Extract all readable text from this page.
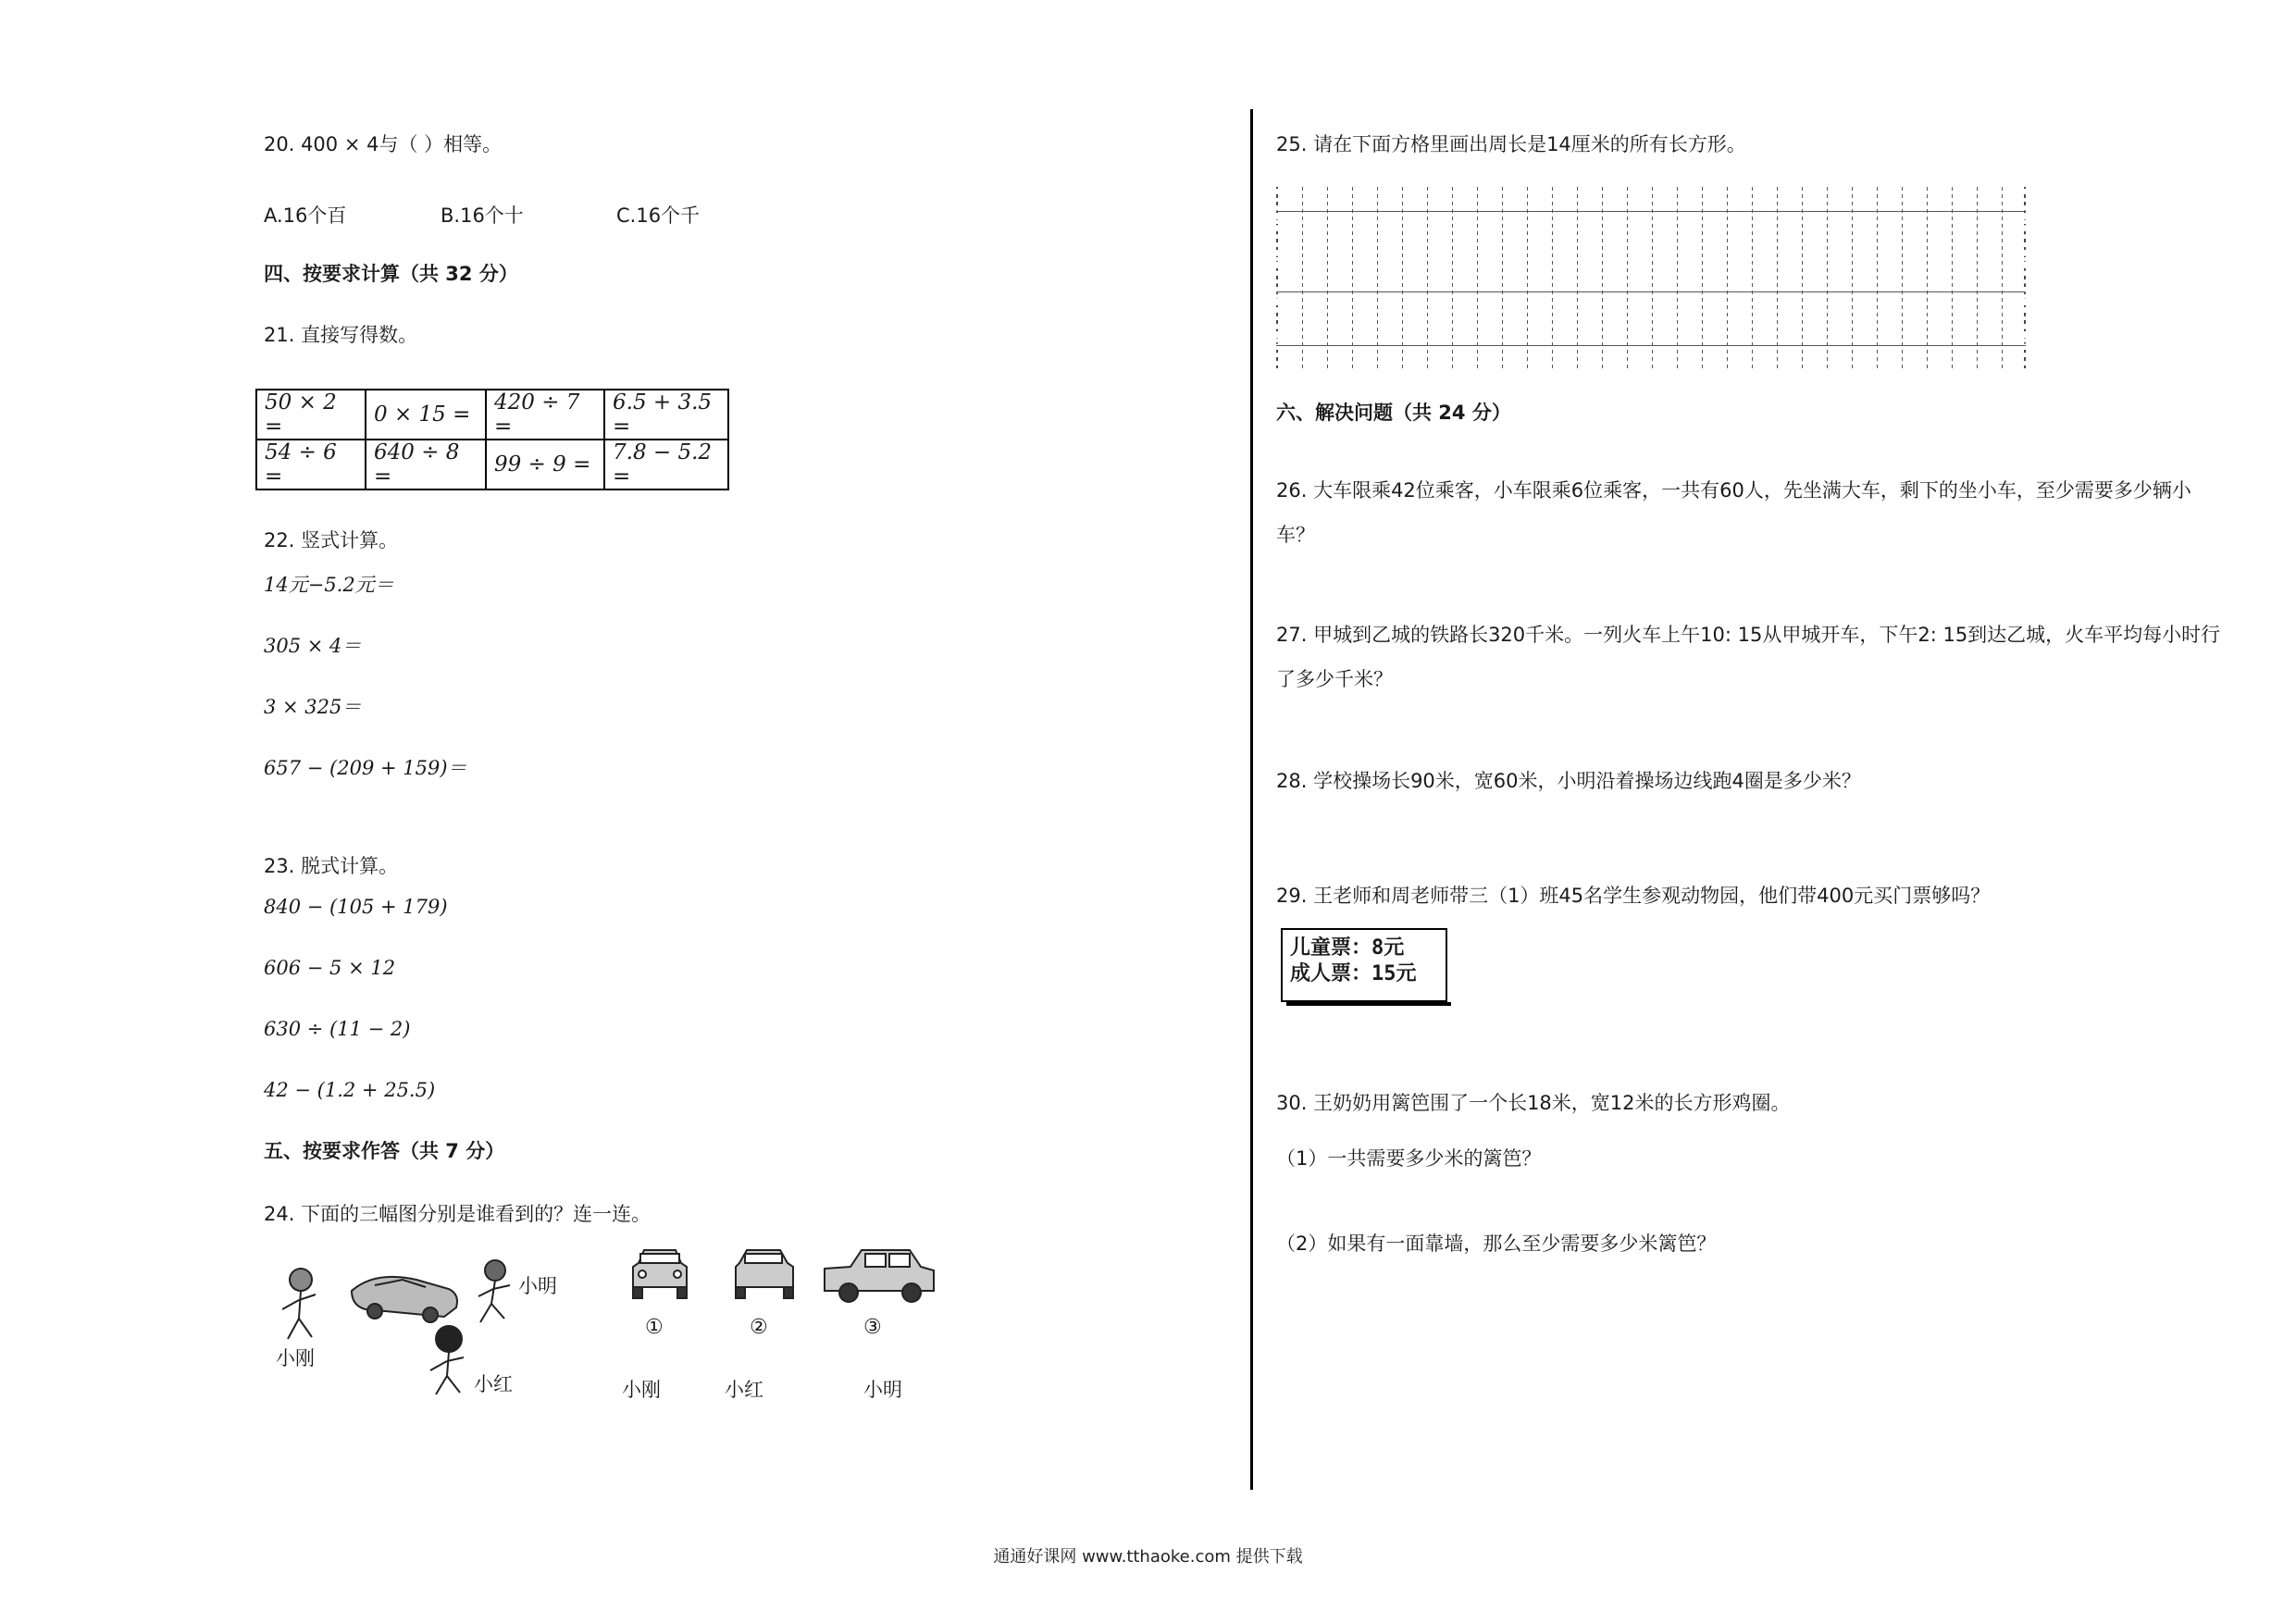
20. 400 × 4与（ ）相等。
A.16个百	B.16个十	C.16个千
四、按要求计算（共 32 分）
21. 直接写得数。
50 × 2 =	0 × 15 =	420 ÷ 7 =	6.5 + 3.5 =
54 ÷ 6 =	640 ÷ 8 =	99 ÷ 9 =	7.8 − 5.2 =
22. 竖式计算。
14元−5.2元＝
305 × 4＝
3 × 325＝
657 − (209 + 159)＝
23. 脱式计算。
840 − (105 + 179)
606 − 5 × 12
630 ÷ (11 − 2)
42 − (1.2 + 25.5)
五、按要求作答（共 7 分）
24. 下面的三幅图分别是谁看到的？连一连。
小刚
小明
小红
①	②	③
小刚	小红	小明
25. 请在下面方格里画出周长是14厘米的所有长方形。
六、解决问题（共 24 分）
26. 大车限乘42位乘客，小车限乘6位乘客，一共有60人，先坐满大车，剩下的坐小车，至少需要多少辆小
车？
27. 甲城到乙城的铁路长320千米。一列火车上午10: 15从甲城开车，下午2: 15到达乙城，火车平均每小时行
了多少千米？
28. 学校操场长90米，宽60米，小明沿着操场边线跑4圈是多少米？
29. 王老师和周老师带三（1）班45名学生参观动物园，他们带400元买门票够吗？
儿童票：8元
成人票：15元
30. 王奶奶用篱笆围了一个长18米，宽12米的长方形鸡圈。
（1）一共需要多少米的篱笆？
（2）如果有一面靠墙，那么至少需要多少米篱笆？
通通好课网 www.tthaoke.com 提供下载
